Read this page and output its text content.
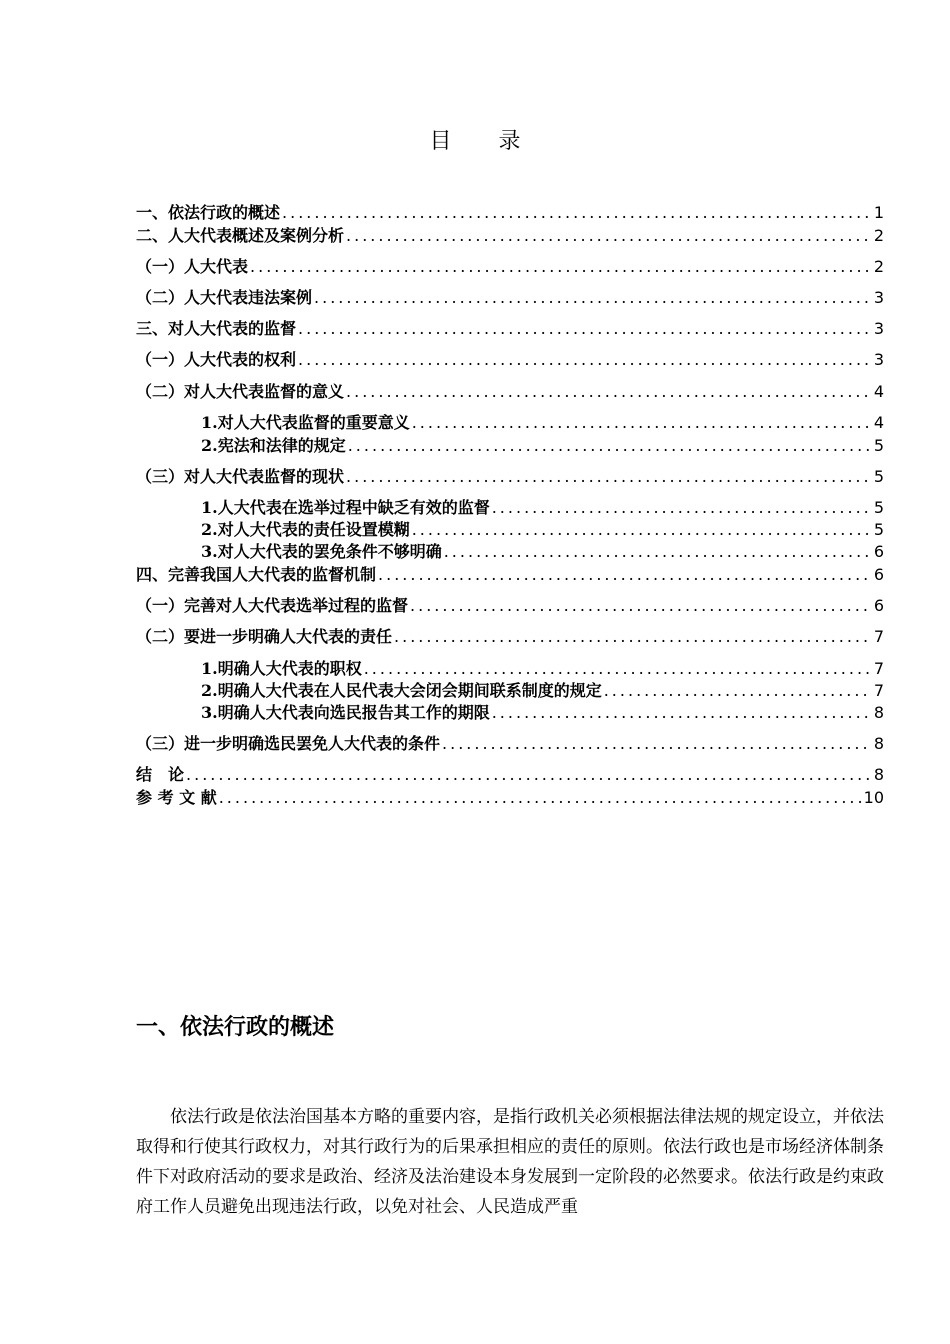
目 录
一、依法行政的概述 .....	1
二、人大代表概述及案例分析 .....	2
（一）人大代表 .....	2
（二）人大代表违法案例 .....	3
三、对人大代表的监督 .....	3
（一）人大代表的权利 .....	3
（二）对人大代表监督的意义 .....	4
1.对人大代表监督的重要意义 .....	4
2.宪法和法律的规定 .....	5
（三）对人大代表监督的现状 .....	5
1.人大代表在选举过程中缺乏有效的监督 .....	5
2.对人大代表的责任设置模糊 .....	5
3.对人大代表的罢免条件不够明确 .....	6
四、完善我国人大代表的监督机制 .....	6
（一）完善对人大代表选举过程的监督 .....	6
（二）要进一步明确人大代表的责任 .....	7
1.明确人大代表的职权 .....	7
2.明确人大代表在人民代表大会闭会期间联系制度的规定 .....	7
3.明确人大代表向选民报告其工作的期限 .....	8
（三）进一步明确选民罢免人大代表的条件 .....	8
结　论 .....	8
参 考 文 献 .....	10
一、依法行政的概述
依法行政是依法治国基本方略的重要内容，是指行政机关必须根据法律法规的规定设立，并依法取得和行使其行政权力，对其行政行为的后果承担相应的责任的原则。依法行政也是市场经济体制条件下对政府活动的要求是政治、经济及法治建设本身发展到一定阶段的必然要求。依法行政是约束政府工作人员避免出现违法行政，以免对社会、人民造成严重
